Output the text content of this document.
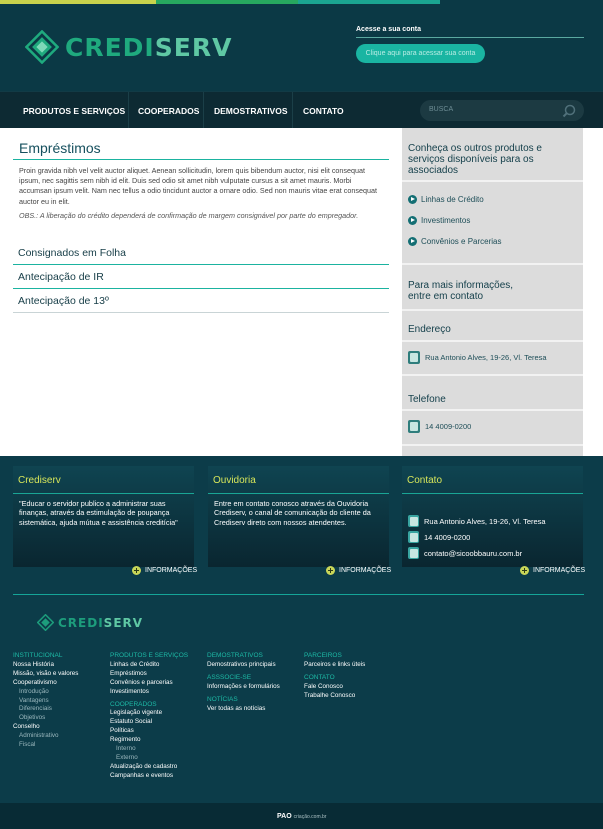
CREDISERV
Acesse a sua conta
Clique aqui para acessar sua conta
PRODUTOS E SERVIÇOS COOPERADOS DEMOSTRATIVOS CONTATO	BUSCA
Empréstimos
Proin gravida nibh vel velit auctor aliquet. Aenean sollicitudin, lorem quis bibendum auctor, nisi elit consequat ipsum, nec sagittis sem nibh id elit. Duis sed odio sit amet nibh vulputate cursus a sit amet mauris. Morbi accumsan ipsum velit. Nam nec tellus a odio tincidunt auctor a ornare odio. Sed non mauris vitae erat consequat auctor eu in elit.
OBS.: A liberação do crédito dependerá de confirmação de margem consignável por parte do empregador.
Consignados em Folha
Antecipação de IR
Antecipação de 13º
Conheça os outros produtos e serviços disponíveis para os associados
Linhas de Crédito
Investimentos
Convênios e Parcerias
Para mais informações, entre em contato
Endereço
Rua Antonio Alves, 19-26, Vl. Teresa
Telefone
14 4009-0200
Crediserv
"Educar o servidor publico a administrar suas finanças, através da estimulação de poupança sistemática, ajuda mútua e assistência creditícia"
INFORMAÇÕES
Ouvidoria
Entre em contato conosco através da Ouvidoria Crediserv, o canal de comunicação do cliente da Crediserv direto com nossos atendentes.
INFORMAÇÕES
Contato
Rua Antonio Alves, 19-26, Vl. Teresa
14 4009-0200
contato@sicoobbauru.com.br
INFORMAÇÕES
CREDISERV
INSTITUCIONAL
Nossa História
Missão, visão e valores
Cooperativismo
Introdução
Vantagens
Diferenciais
Objetivos
Conselho
Administrativo
Fiscal
PRODUTOS E SERVIÇOS
Linhas de Crédito
Empréstimos
Convênios e parcerias
Investimentos
COOPERADOS
Legislação vigente
Estatuto Social
Políticas
Regimento
Interno
Externo
Atualização de cadastro
Campanhas e eventos
DEMOSTRATIVOS
Demostrativos principais
ASSSOCIE-SE
Informações e formulários
NOTÍCIAS
Ver todas as notícias
PARCEIROS
Parceiros e links úteis
CONTATO
Fale Conosco
Trabalhe Conosco
PAO criação.com.br
